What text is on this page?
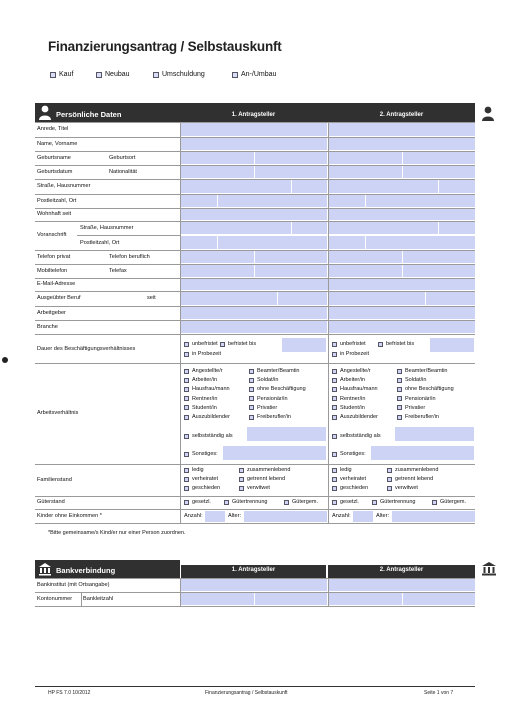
Finanzierungsantrag / Selbstauskunft
Kauf	Neubau	Umschuldung	An-/Umbau
Persönliche Daten	1. Antragsteller	2. Antragsteller
Anrede, Titel
Name, Vorname
Geburtsname	Geburtsort
Geburtsdatum	Nationalität
Straße, Hausnummer
Postleitzahl, Ort
Wohnhaft seit
Voranschrift
Straße, Hausnummer
Postleitzahl, Ort
Telefon privat	Telefon beruflich
Mobiltelefon	Telefax
E-Mail-Adresse
Ausgeübter Beruf	seit
Arbeitgeber
Branche
Dauer des Beschäftigungsverhältnisses
unbefristet befristet bis
in Probezeit
unbefristet	befristet bis
in Probezeit
Arbeitsverhältnis
Angestellte/r
Arbeiter/in
Hausfrau/mann
Rentner/in
Student/in
Auszubildender
Beamter/Beamtin
Soldat/in
ohne Beschäftigung
Pensionär/in
Privatier
Freiberufler/in
selbstständig als
Sonstiges:
Angestellte/r
Arbeiter/in
Hausfrau/mann
Rentner/in
Student/in
Auszubildender
Beamter/Beamtin
Soldat/in
ohne Beschäftigung
Pensionär/in
Privatier
Freiberufler/in
selbstständig als
Sonstiges:
Familienstand
ledig
verheiratet
geschieden
zusammenlebend
getrennt lebend
verwitwet
ledig
verheiratet
geschieden
zusammenlebend
getrennt lebend
verwitwet
Güterstand	gesetzl.	Gütertrennung	Gütergem.	gesetzl.	Gütertrennung	Gütergem.
Kinder ohne Einkommen *	Anzahl:	Alter:	Anzahl:	Alter:
*Bitte gemeinsame/s Kind/er nur einer Person zuordnen.
Bankverbindung	1. Antragsteller	2. Antragsteller
Bankinstitut (mit Ortsangabe)
Kontonummer Bankleitzahl
HP FS 7.0 10/2012	Finanzierungsantrag / Selbstauskunft	Seite 1 von 7
